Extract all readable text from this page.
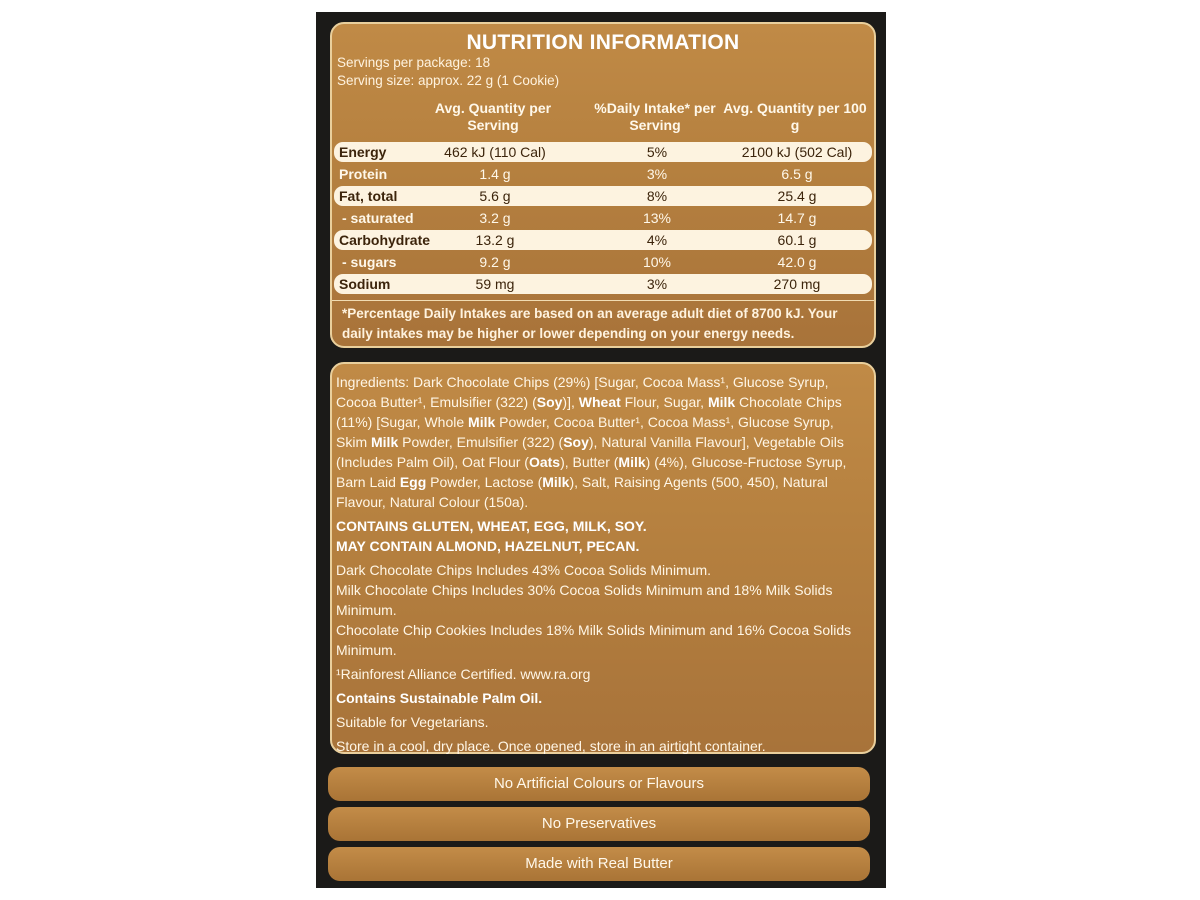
NUTRITION INFORMATION
Servings per package: 18
Serving size: approx. 22 g (1 Cookie)
Avg. Quantity per Serving
%Daily Intake* per Serving
Avg. Quantity per 100 g
Energy	462 kJ (110 Cal)	5%	2100 kJ (502 Cal)
Protein	1.4 g	3%	6.5 g
Fat, total	5.6 g	8%	25.4 g
- saturated	3.2 g	13%	14.7 g
Carbohydrate	13.2 g	4%	60.1 g
- sugars	9.2 g	10%	42.0 g
Sodium	59 mg	3%	270 mg
*Percentage Daily Intakes are based on an average adult diet of 8700 kJ. Your daily intakes may be higher or lower depending on your energy needs.

Ingredients: Dark Chocolate Chips (29%) [Sugar, Cocoa Mass¹, Glucose Syrup, Cocoa Butter¹, Emulsifier (322) (Soy)], Wheat Flour, Sugar, Milk Chocolate Chips (11%) [Sugar, Whole Milk Powder, Cocoa Butter¹, Cocoa Mass¹, Glucose Syrup, Skim Milk Powder, Emulsifier (322) (Soy), Natural Vanilla Flavour], Vegetable Oils (Includes Palm Oil), Oat Flour (Oats), Butter (Milk) (4%), Glucose-Fructose Syrup, Barn Laid Egg Powder, Lactose (Milk), Salt, Raising Agents (500, 450), Natural Flavour, Natural Colour (150a).

CONTAINS GLUTEN, WHEAT, EGG, MILK, SOY.

MAY CONTAIN ALMOND, HAZELNUT, PECAN.

Dark Chocolate Chips Includes 43% Cocoa Solids Minimum.

Milk Chocolate Chips Includes 30% Cocoa Solids Minimum and 18% Milk Solids Minimum.

Chocolate Chip Cookies Includes 18% Milk Solids Minimum and 16% Cocoa Solids Minimum.

¹Rainforest Alliance Certified. www.ra.org

Contains Sustainable Palm Oil.

Suitable for Vegetarians.

Store in a cool, dry place. Once opened, store in an airtight container.

No Artificial Colours or Flavours
No Preservatives
Made with Real Butter
